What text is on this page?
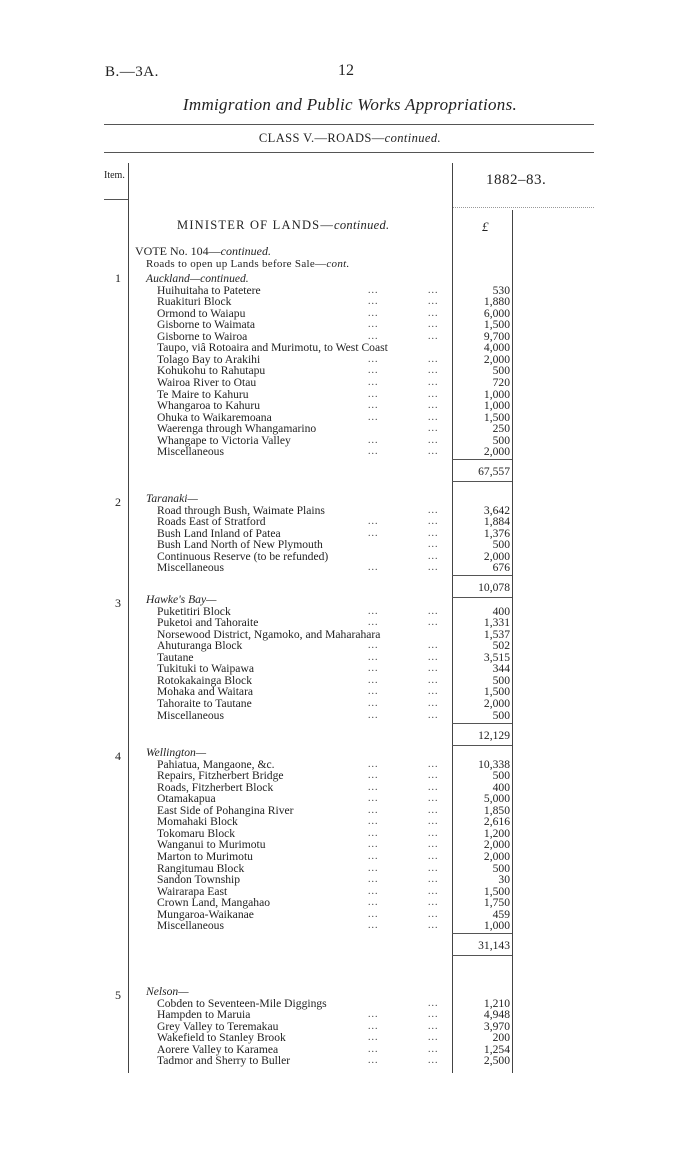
B.—3A.	12
Immigration and Public Works Appropriations.
CLASS V.—ROADS—continued.
Item.	1882–83.
MINISTER OF LANDS—continued.	£
VOTE No. 104—continued.
Roads to open up Lands before Sale—cont.
1 Auckland—continued.
Huihuitaha to Patetere	...	...	530
Ruakituri Block	...	...	1,880
Ormond to Waiapu	...	...	6,000
Gisborne to Waimata	...	...	1,500
Gisborne to Wairoa	...	...	9,700
Taupo, viâ Rotoaira and Murimotu, to West Coast	4,000
Tolago Bay to Arakihi	...	...	2,000
Kohukohu to Rahutapu	...	...	500
Wairoa River to Otau	...	...	720
Te Maire to Kahuru	...	...	1,000
Whangaroa to Kahuru	...	...	1,000
Ohuka to Waikaremoana	...	...	1,500
Waerenga through Whangamarino	...	250
Whangape to Victoria Valley	...	...	500
Miscellaneous	...	...	2,000
67,557
2 Taranaki—
Road through Bush, Waimate Plains	...	3,642
Roads East of Stratford	...	...	1,884
Bush Land Inland of Patea	...	...	1,376
Bush Land North of New Plymouth	...	500
Continuous Reserve (to be refunded)	...	2,000
Miscellaneous	...	...	676
10,078
3 Hawke's Bay—
Puketitiri Block	...	...	400
Puketoi and Tahoraite	...	...	1,331
Norsewood District, Ngamoko, and Maharahara	1,537
Ahuturanga Block	...	...	502
Tautane	...	...	3,515
Tukituki to Waipawa	...	...	344
Rotokakainga Block	...	...	500
Mohaka and Waitara	...	...	1,500
Tahoraite to Tautane	...	...	2,000
Miscellaneous	...	...	500
12,129
4 Wellington—
Pahiatua, Mangaone, &c.	...	...	10,338
Repairs, Fitzherbert Bridge	...	...	500
Roads, Fitzherbert Block	...	...	400
Otamakapua	...	...	5,000
East Side of Pohangina River	...	...	1,850
Momahaki Block	...	...	2,616
Tokomaru Block	...	...	1,200
Wanganui to Murimotu	...	...	2,000
Marton to Murimotu	...	...	2,000
Rangitumau Block	...	...	500
Sandon Township	...	...	30
Wairarapa East	...	...	1,500
Crown Land, Mangahao	...	...	1,750
Mungaroa-Waikanae	...	...	459
Miscellaneous	...	...	1,000
31,143
5 Nelson—
Cobden to Seventeen-Mile Diggings	...	1,210
Hampden to Maruia	...	...	4,948
Grey Valley to Teremakau	...	...	3,970
Wakefield to Stanley Brook	...	...	200
Aorere Valley to Karamea	...	...	1,254
Tadmor and Sherry to Buller	...	...	2,500
